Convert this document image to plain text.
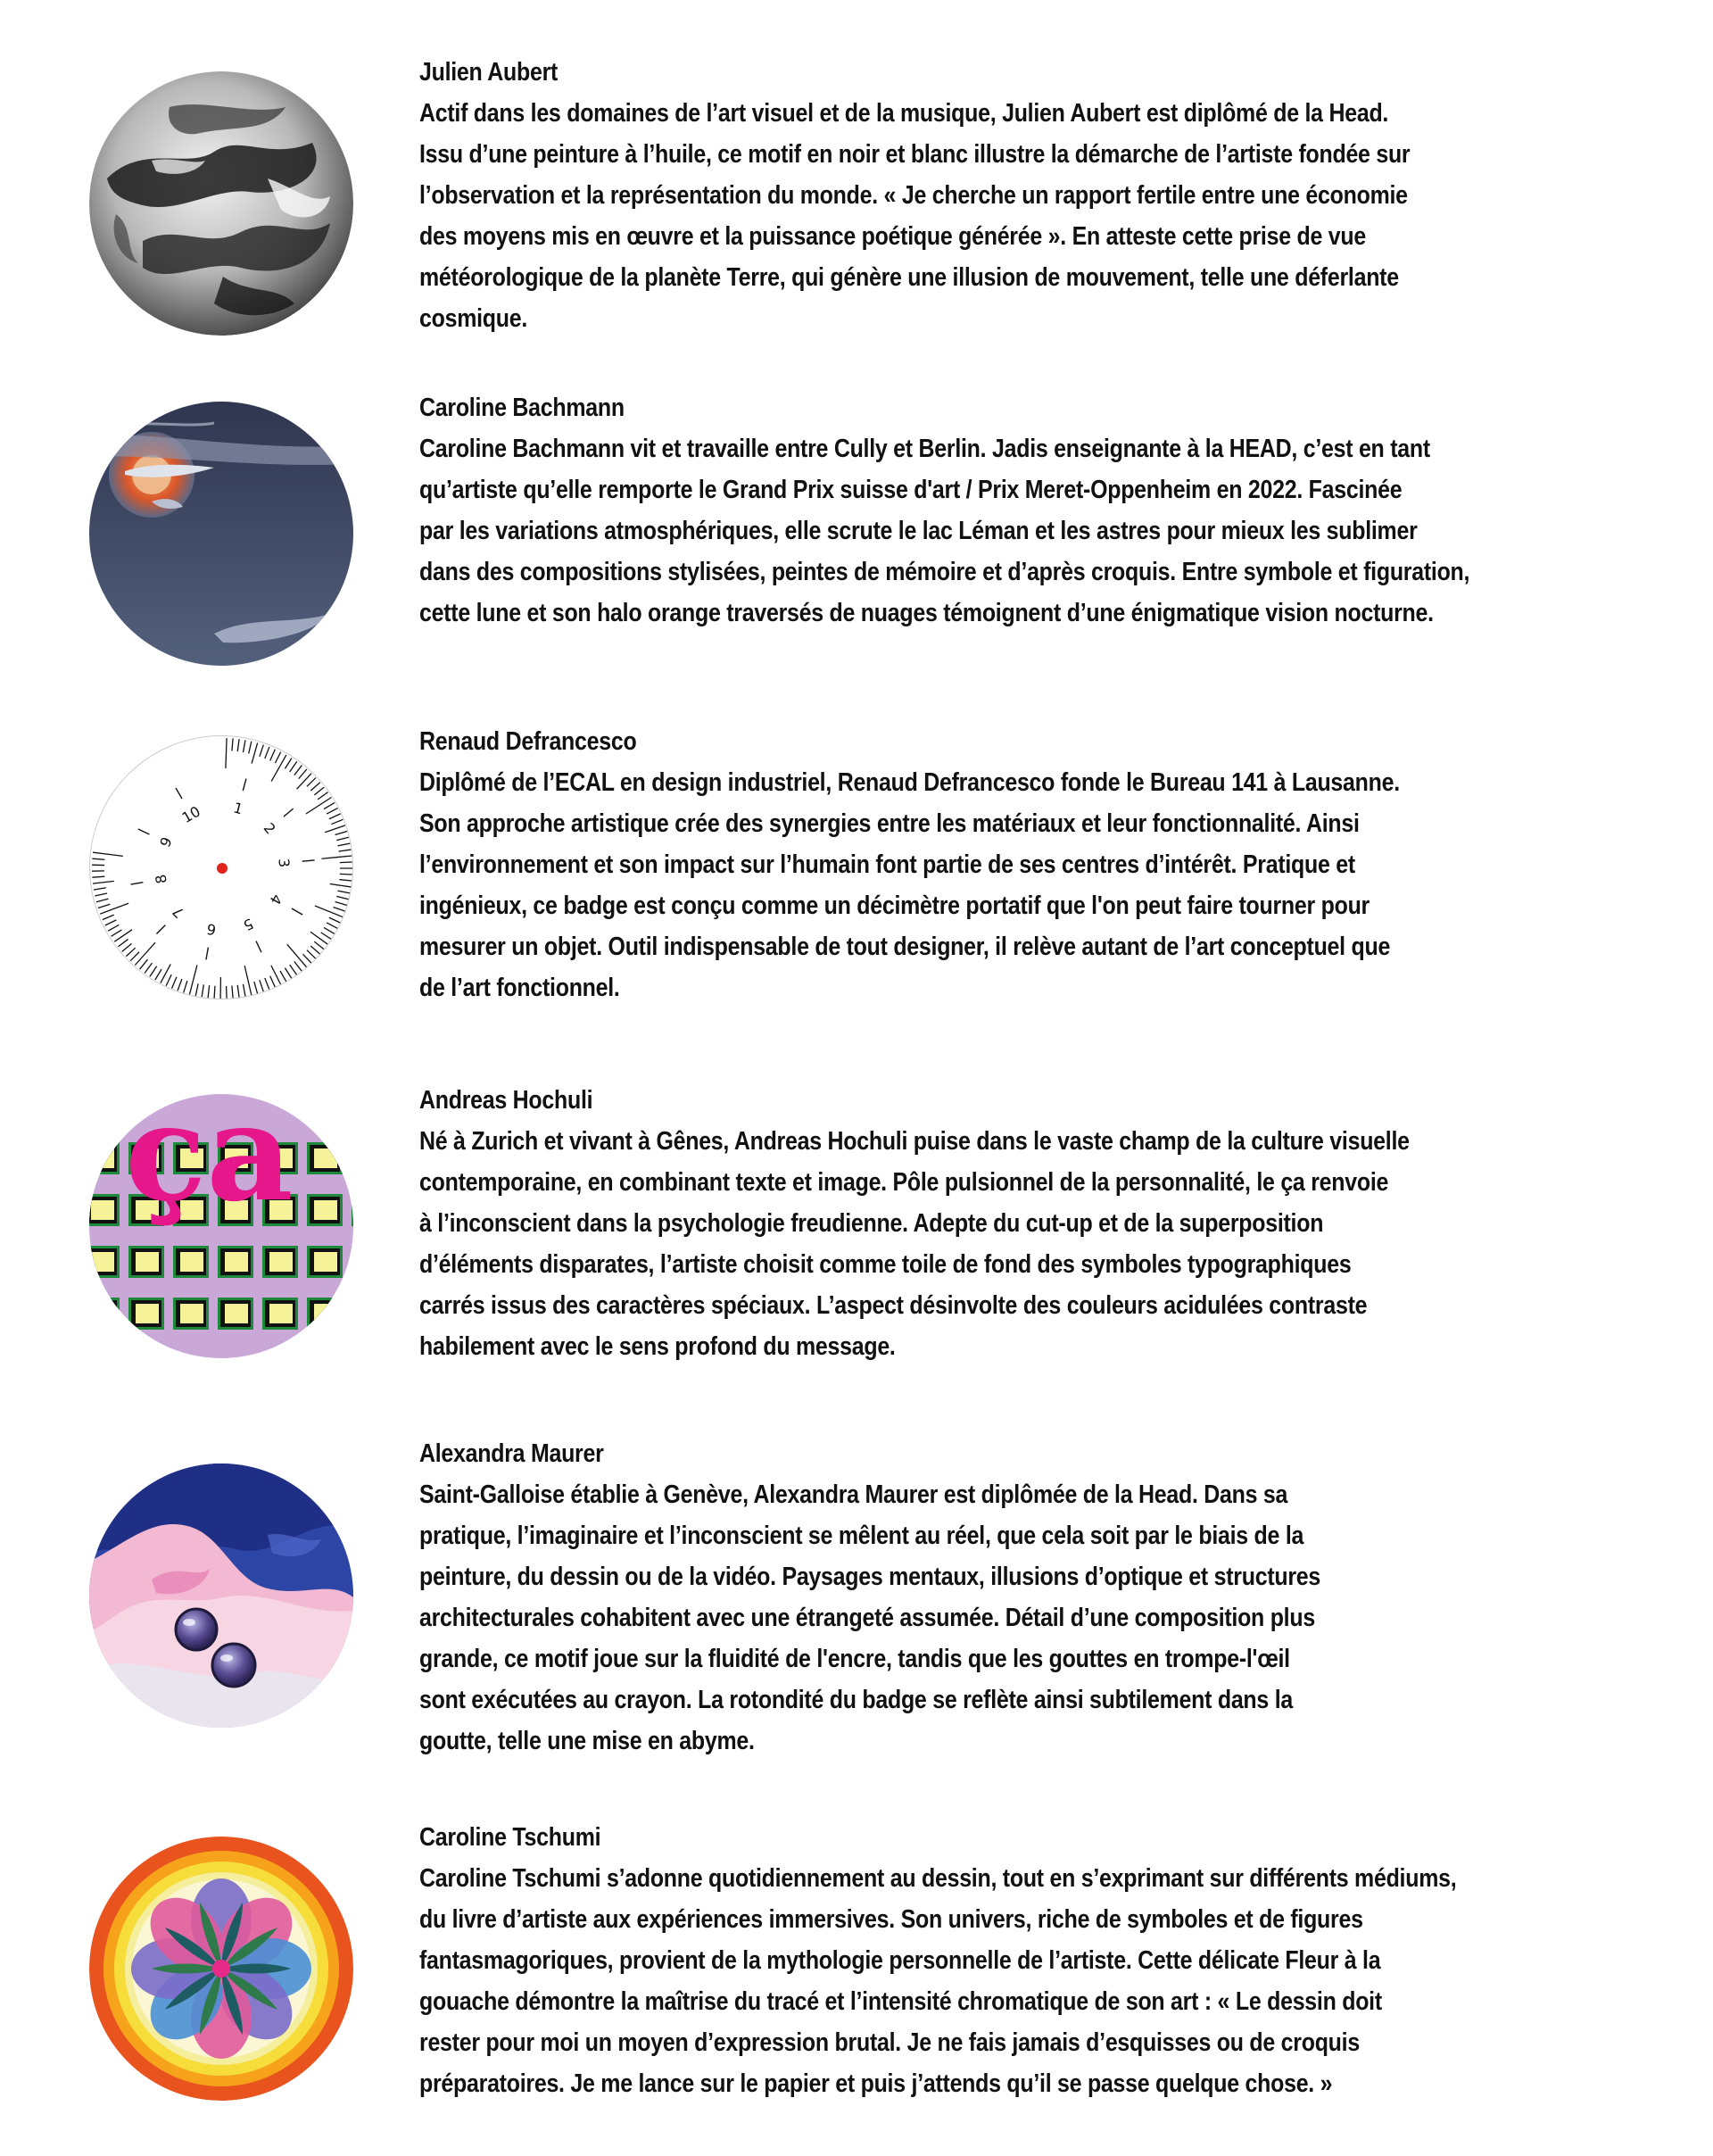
Julien Aubert
Actif dans les domaines de l’art visuel et de la musique, Julien Aubert est diplômé de la Head.
Issu d’une peinture à l’huile, ce motif en noir et blanc illustre la démarche de l’artiste fondée sur
l’observation et la représentation du monde. « Je cherche un rapport fertile entre une économie
des moyens mis en œuvre et la puissance poétique générée ». En atteste cette prise de vue
météorologique de la planète Terre, qui génère une illusion de mouvement, telle une déferlante
cosmique.
Caroline Bachmann
Caroline Bachmann vit et travaille entre Cully et Berlin. Jadis enseignante à la HEAD, c’est en tant
qu’artiste qu’elle remporte le Grand Prix suisse d'art / Prix Meret-Oppenheim en 2022. Fascinée
par les variations atmosphériques, elle scrute le lac Léman et les astres pour mieux les sublimer
dans des compositions stylisées, peintes de mémoire et d’après croquis. Entre symbole et figuration,
cette lune et son halo orange traversés de nuages témoignent d’une énigmatique vision nocturne.
1
2
3
4
5
6
7
8
9
10
Renaud Defrancesco
Diplômé de l’ECAL en design industriel, Renaud Defrancesco fonde le Bureau 141 à Lausanne.
Son approche artistique crée des synergies entre les matériaux et leur fonctionnalité. Ainsi
l’environnement et son impact sur l’humain font partie de ses centres d’intérêt. Pratique et
ingénieux, ce badge est conçu comme un décimètre portatif que l'on peut faire tourner pour
mesurer un objet. Outil indispensable de tout designer, il relève autant de l’art conceptuel que
de l’art fonctionnel.
ça	Andreas Hochuli
Né à Zurich et vivant à Gênes, Andreas Hochuli puise dans le vaste champ de la culture visuelle
contemporaine, en combinant texte et image. Pôle pulsionnel de la personnalité, le ça renvoie
à l’inconscient dans la psychologie freudienne. Adepte du cut-up et de la superposition
d’éléments disparates, l’artiste choisit comme toile de fond des symboles typographiques
carrés issus des caractères spéciaux. L’aspect désinvolte des couleurs acidulées contraste
habilement avec le sens profond du message.
Alexandra Maurer
Saint-Galloise établie à Genève, Alexandra Maurer est diplômée de la Head. Dans sa
pratique, l’imaginaire et l’inconscient se mêlent au réel, que cela soit par le biais de la
peinture, du dessin ou de la vidéo. Paysages mentaux, illusions d’optique et structures
architecturales cohabitent avec une étrangeté assumée. Détail d’une composition plus
grande, ce motif joue sur la fluidité de l'encre, tandis que les gouttes en trompe-l'œil
sont exécutées au crayon. La rotondité du badge se reflète ainsi subtilement dans la
goutte, telle une mise en abyme.
Caroline Tschumi
Caroline Tschumi s’adonne quotidiennement au dessin, tout en s’exprimant sur différents médiums,
du livre d’artiste aux expériences immersives. Son univers, riche de symboles et de figures
fantasmagoriques, provient de la mythologie personnelle de l’artiste. Cette délicate Fleur à la
gouache démontre la maîtrise du tracé et l’intensité chromatique de son art : « Le dessin doit
rester pour moi un moyen d’expression brutal. Je ne fais jamais d’esquisses ou de croquis
préparatoires. Je me lance sur le papier et puis j’attends qu’il se passe quelque chose. »
